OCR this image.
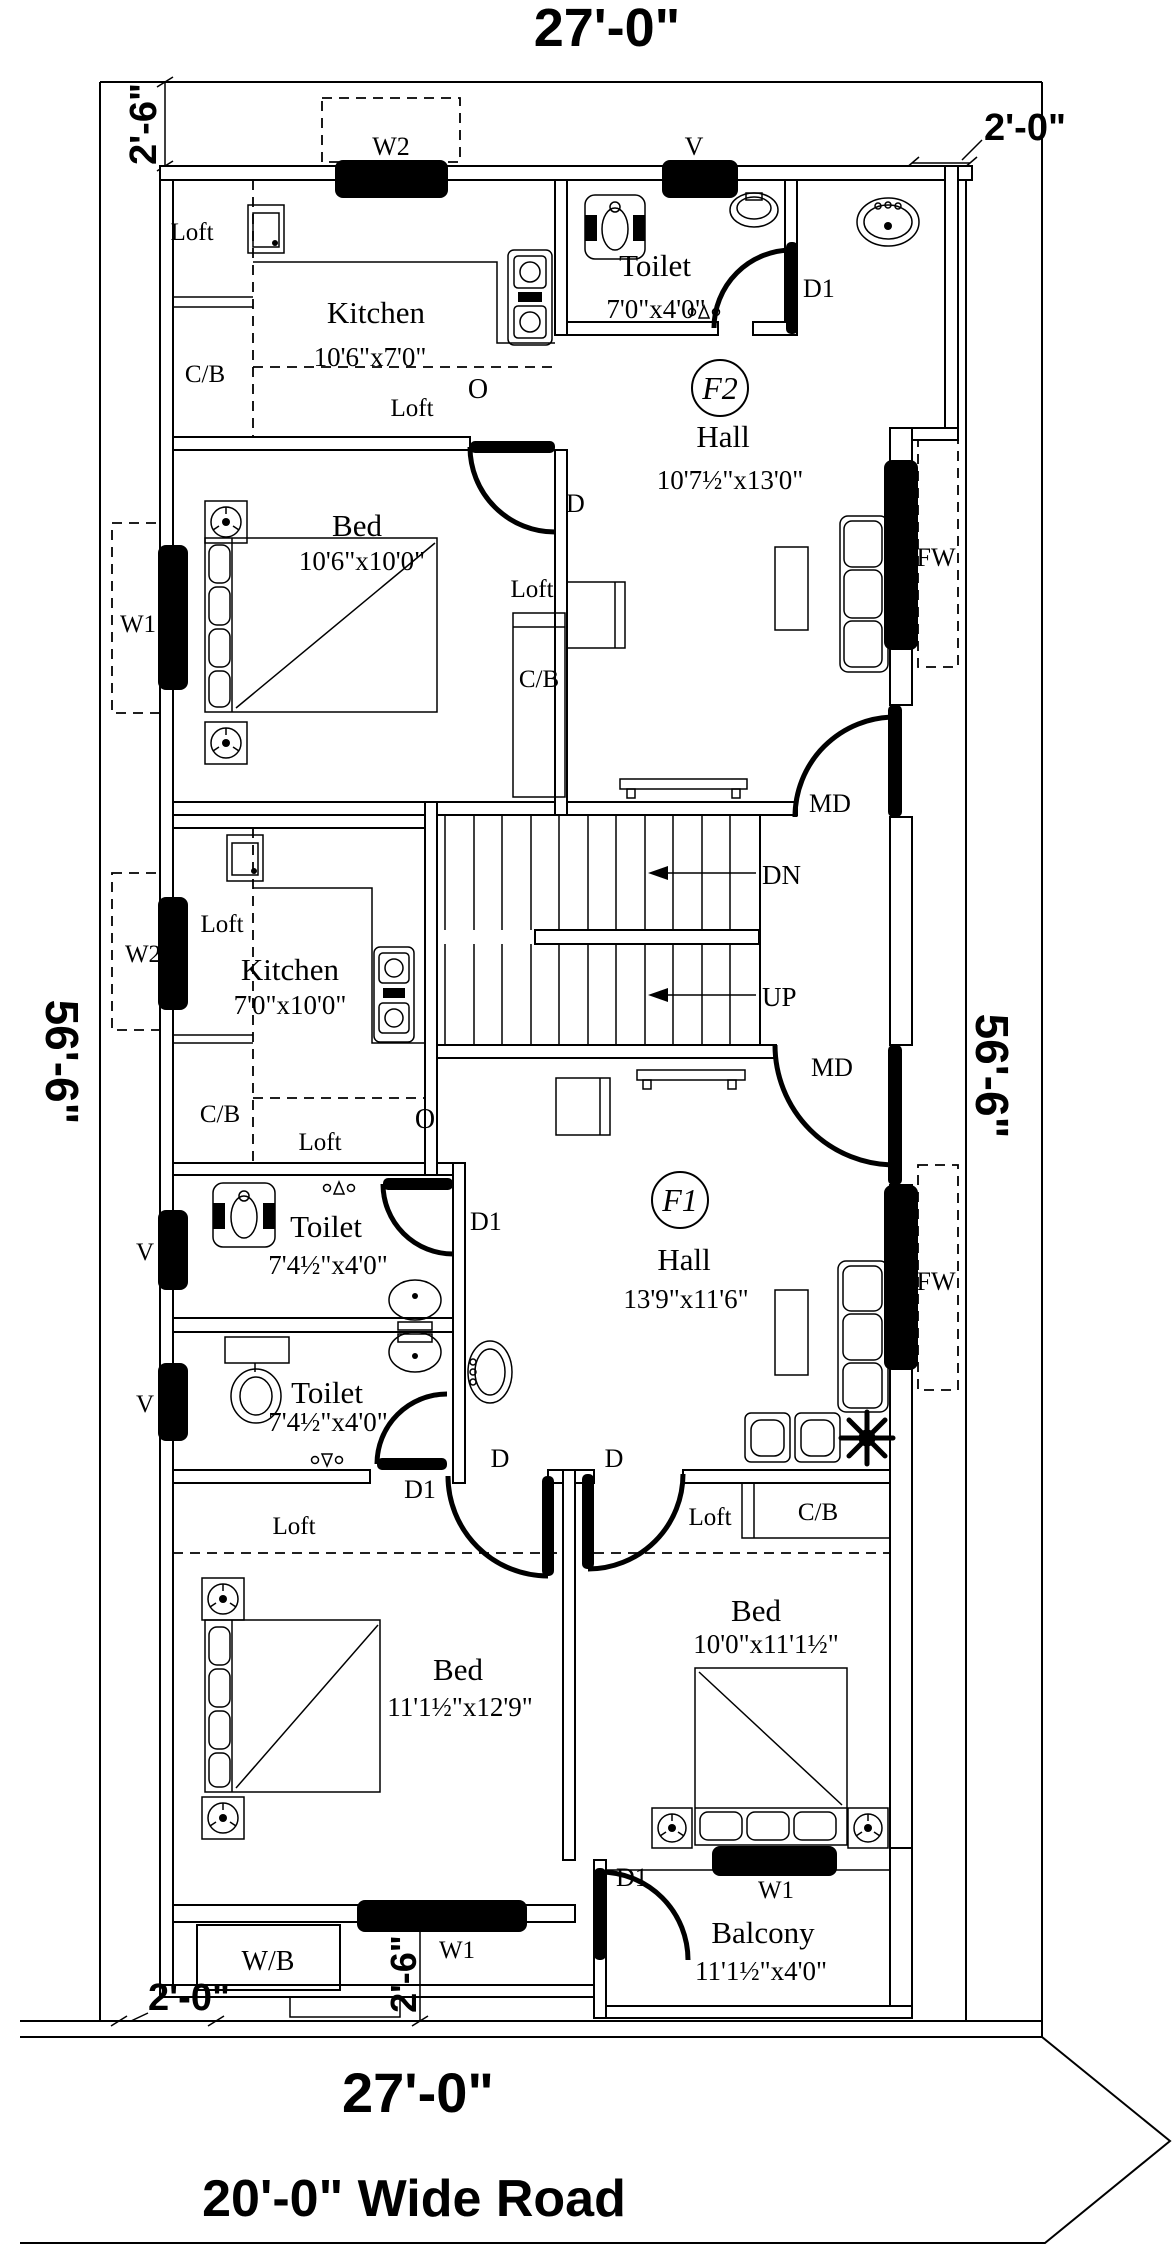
27'-0"
2'-6"	2'-0"
56'-6"	56'-6"
W2	V
W1
W2
V
V
FW
FW
W1
W1
D1
D
MD
MD
D1
D1
D	D
D1
DN
UP
Loft
C/B
Kitchen
10'6"x7'0"
Loft
O
Toilet
7'0"x4'0"
F2
Hall
10'7½"x13'0"
Bed
10'6"x10'0"
Loft
C/B
Loft
Kitchen
7'0"x10'0"
C/B
Loft
O
Toilet
7'4½"x4'0"
Toilet
7'4½"x4'0"
F1
Hall
13'9"x11'6"
Loft
Bed
11'1½"x12'9"
Loft	C/B
Bed
10'0"x11'1½"
Balcony
11'1½"x4'0"
W/B 2'-6"
2'-0"
27'-0"
20'-0" Wide Road
